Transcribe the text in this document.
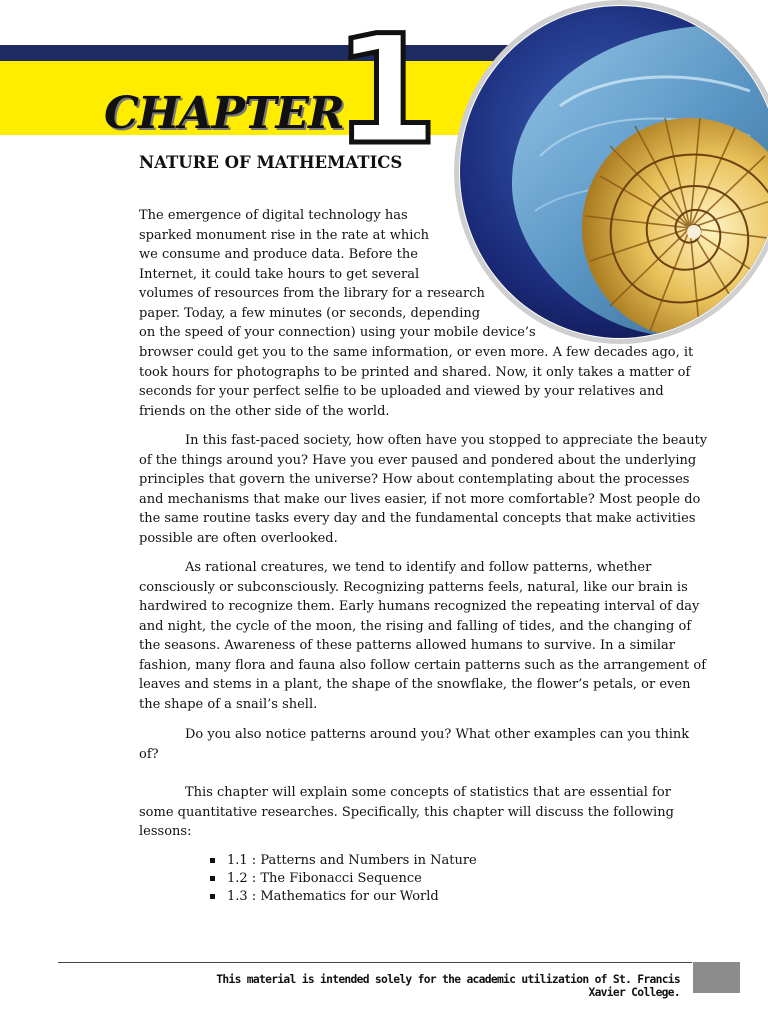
CHAPTER
1
NATURE OF MATHEMATICS
The emergence of digital technology has
sparked monument rise in the rate at which
we consume and produce data. Before the
Internet, it could take hours to get several
volumes of resources from the library for a research
paper. Today, a few minutes (or seconds, depending
on the speed of your connection) using your mobile device’s
browser could get you to the same information, or even more. A few decades ago, it took hours for photographs to be printed and shared. Now, it only takes a matter of seconds for your perfect selfie to be uploaded and viewed by your relatives and friends on the other side of the world.
In this fast-paced society, how often have you stopped to appreciate the beauty of the things around you? Have you ever paused and pondered about the underlying principles that govern the universe? How about contemplating about the processes and mechanisms that make our lives easier, if not more comfortable? Most people do the same routine tasks every day and the fundamental concepts that make activities possible are often overlooked.
As rational creatures, we tend to identify and follow patterns, whether consciously or subconsciously. Recognizing patterns feels, natural, like our brain is hardwired to recognize them. Early humans recognized the repeating interval of day and night, the cycle of the moon, the rising and falling of tides, and the changing of the seasons. Awareness of these patterns allowed humans to survive. In a similar fashion, many flora and fauna also follow certain patterns such as the arrangement of leaves and stems in a plant, the shape of the snowflake, the flower’s petals, or even the shape of a snail’s shell.
Do you also notice patterns around you? What other examples can you think of?
This chapter will explain some concepts of statistics that are essential for some quantitative researches. Specifically, this chapter will discuss the following lessons:
1.1 : Patterns and Numbers in Nature
1.2 : The Fibonacci Sequence
1.3 : Mathematics for our World
This material is intended solely for the academic utilization of St. Francis Xavier College.
